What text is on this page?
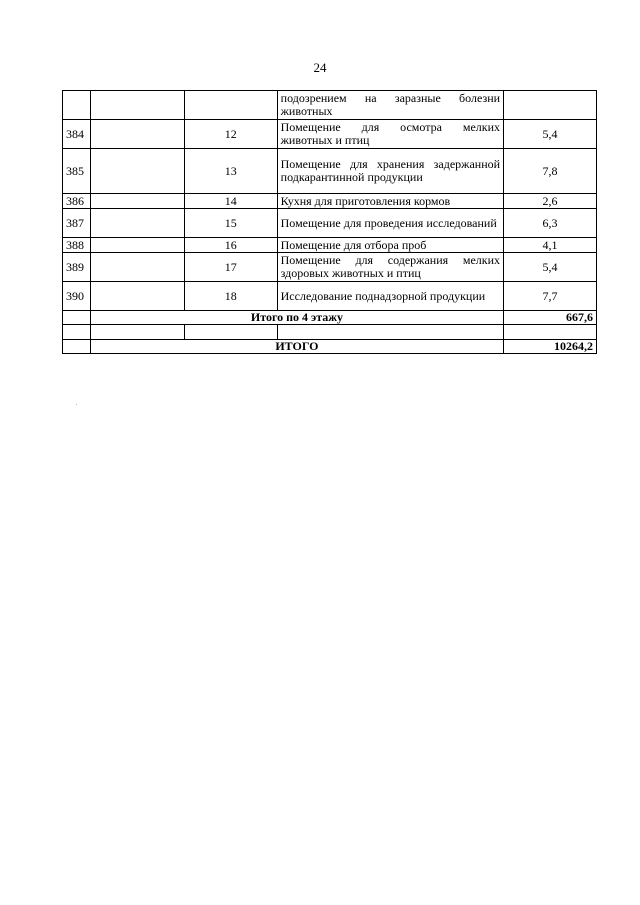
24
			подозрением на заразные болезни животных	
384		12	Помещение для осмотра мелких животных и птиц	5,4
385		13	Помещение для хранения задержанной подкарантинной продукции	7,8
386		14	Кухня для приготовления кормов	2,6
387		15	Помещение для проведения исследований	6,3
388		16	Помещение для отбора проб	4,1
389		17	Помещение для содержания мелких здоровых животных и птиц	5,4
390		18	Исследование поднадзорной продукции	7,7
	Итого по 4 этажу			667,6

	ИТОГО			10264,2
